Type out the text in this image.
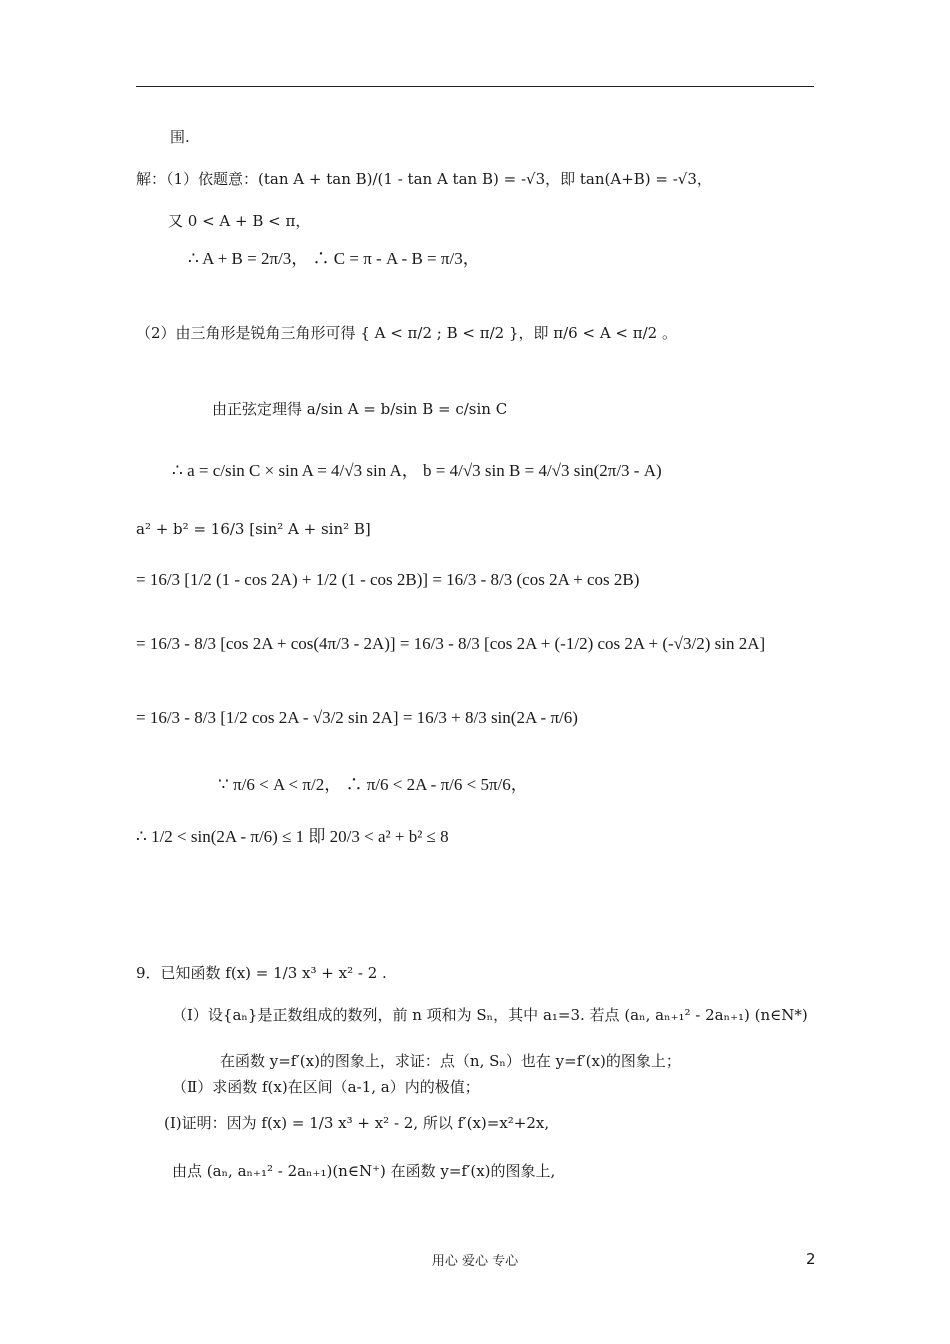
围.
解：（1）依题意：(tan A + tan B)/(1 - tan A tan B) = -√3，即 tan(A+B) = -√3，
又 0 < A + B < π，
∴ A + B = 2π/3， ∴ C = π - A - B = π/3，
（2）由三角形是锐角三角形可得 { A < π/2 ; B < π/2 }，即 π/6 < A < π/2 。
由正弦定理得 a/sin A = b/sin B = c/sin C
∴ a = c/sin C × sin A = 4/√3 sin A， b = 4/√3 sin B = 4/√3 sin(2π/3 - A)
a² + b² = 16/3 [sin² A + sin² B]
= 16/3 [1/2 (1 - cos 2A) + 1/2 (1 - cos 2B)] = 16/3 - 8/3 (cos 2A + cos 2B)
= 16/3 - 8/3 [cos 2A + cos(4π/3 - 2A)] = 16/3 - 8/3 [cos 2A + (-1/2) cos 2A + (-√3/2) sin 2A]
= 16/3 - 8/3 [1/2 cos 2A - √3/2 sin 2A] = 16/3 + 8/3 sin(2A - π/6)
∵ π/6 < A < π/2， ∴ π/6 < 2A - π/6 < 5π/6，
∴ 1/2 < sin(2A - π/6) ≤ 1 即 20/3 < a² + b² ≤ 8
9．已知函数 f(x) = 1/3 x³ + x² - 2 .
（Ⅰ）设{aₙ}是正数组成的数列，前 n 项和为 Sₙ，其中 a₁=3. 若点 (aₙ, aₙ₊₁² - 2aₙ₊₁) (n∈N*)
在函数 y=f′(x)的图象上，求证：点（n, Sₙ）也在 y=f′(x)的图象上；
（Ⅱ）求函数 f(x)在区间（a-1, a）内的极值；
(Ⅰ)证明：因为 f(x) = 1/3 x³ + x² - 2, 所以 f′(x)=x²+2x,
由点 (aₙ, aₙ₊₁² - 2aₙ₊₁)(n∈N⁺) 在函数 y=f′(x)的图象上,
用心 爱心 专心	2
